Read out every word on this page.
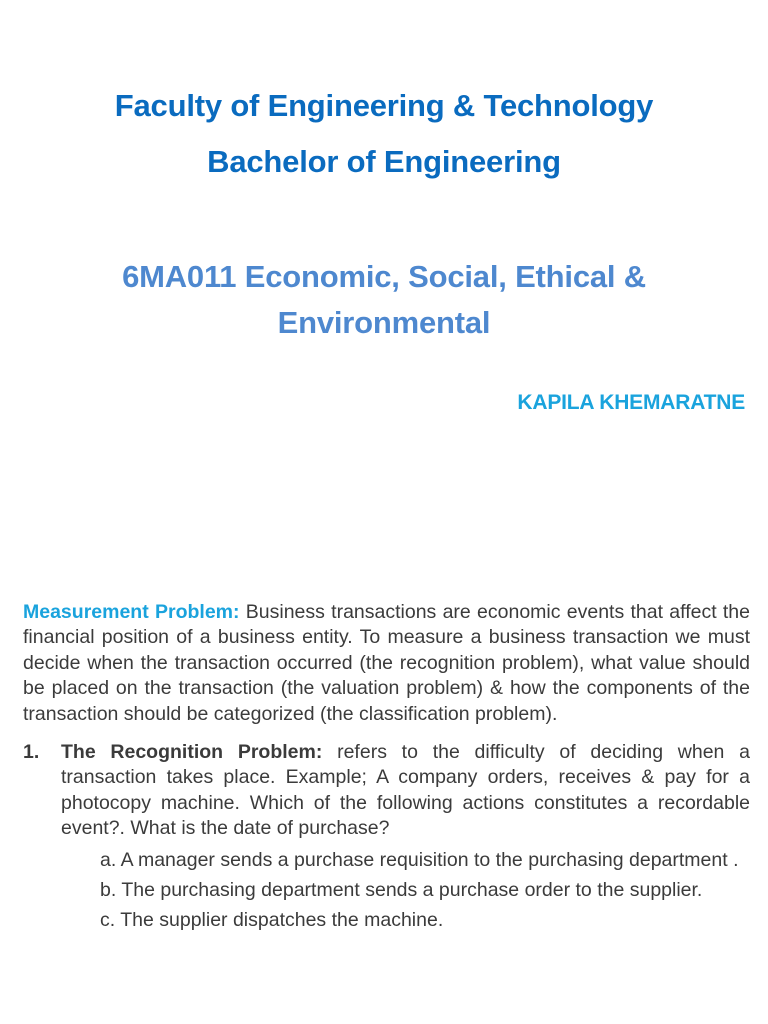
Faculty of Engineering & Technology
Bachelor of Engineering
6MA011 Economic, Social, Ethical & Environmental
KAPILA KHEMARATNE

Measurement Problem: Business transactions are economic events that affect the financial position of a business entity. To measure a business transaction we must decide when the transaction occurred (the recognition problem), what value should be placed on the transaction (the valuation problem) & how the components of the transaction should be categorized (the classification problem).

1. The Recognition Problem: refers to the difficulty of deciding when a transaction takes place. Example; A company orders, receives & pay for a photocopy machine. Which of the following actions constitutes a recordable event?. What is the date of purchase?
a. A manager sends a purchase requisition to the purchasing department .
b. The purchasing department sends a purchase order to the supplier.
c. The supplier dispatches the machine.
